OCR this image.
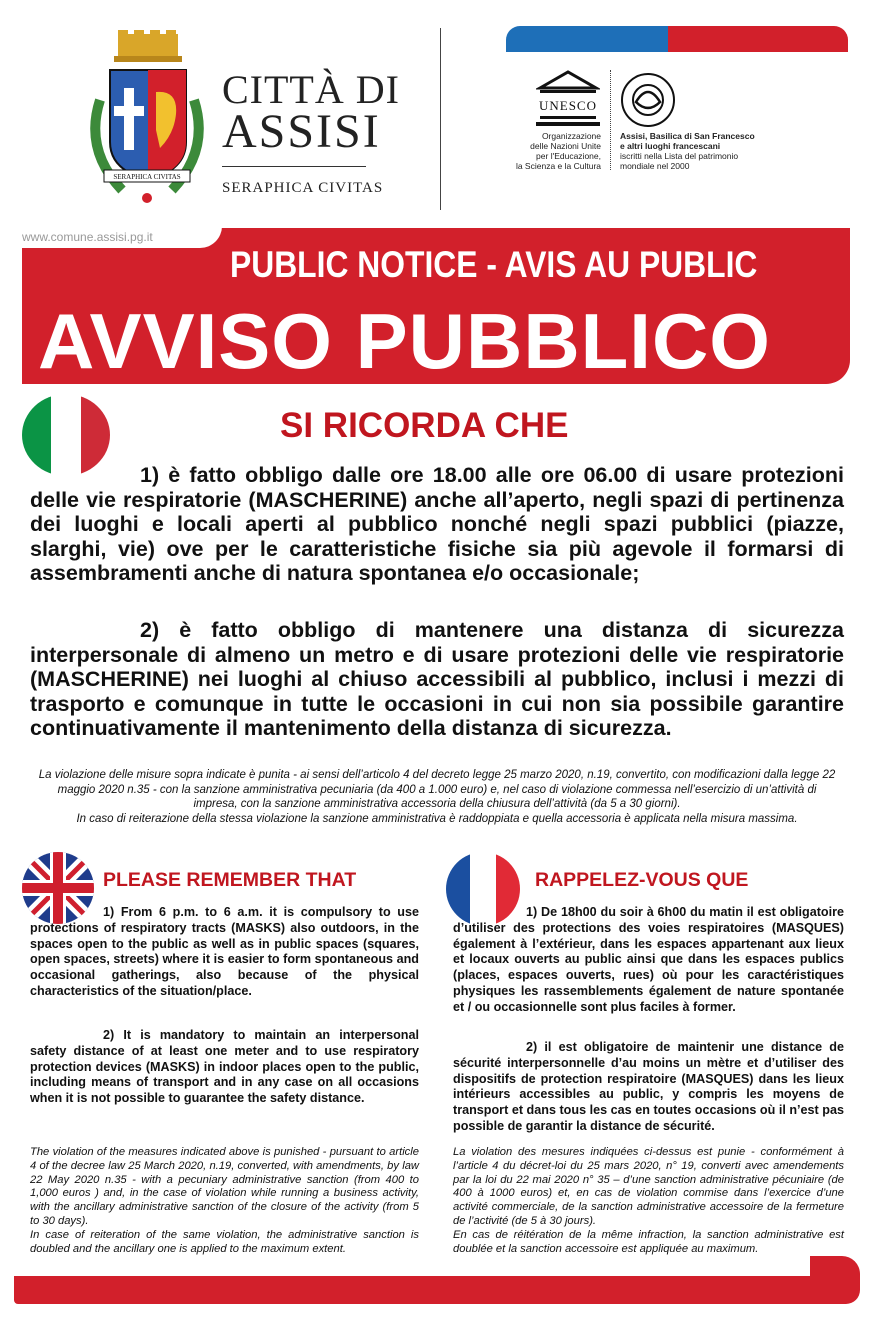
www.comune.assisi.pg.it
PUBLIC NOTICE - AVIS AU PUBLIC
AVVISO PUBBLICO
SERAPHICA CIVITAS
CITTÀ DI
ASSISI
SERAPHICA CIVITAS
UNESCO
Organizzazione
delle Nazioni Unite
per l'Educazione,
la Scienza e la Cultura
Assisi, Basilica di San Francesco
e altri luoghi francescani
iscritti nella Lista del patrimonio
mondiale nel 2000
SI RICORDA CHE

1) è fatto obbligo dalle ore 18.00 alle ore 06.00 di usare protezioni delle vie respiratorie (MASCHERINE) anche all’aperto, negli spazi di pertinenza dei luoghi e locali aperti al pubblico nonché negli spazi pubblici (piazze, slarghi, vie) ove per le caratteristiche fisiche sia più agevole il formarsi di assembramenti anche di natura spontanea e/o occasionale;

2) è fatto obbligo di mantenere una distanza di sicurezza interpersonale di almeno un metro e di usare protezioni delle vie respiratorie (MASCHERINE) nei luoghi al chiuso accessibili al pubblico, inclusi i mezzi di trasporto e comunque in tutte le occasioni in cui non sia possibile garantire continuativamente il mantenimento della distanza di sicurezza.

La violazione delle misure sopra indicate è punita - ai sensi dell’articolo 4 del decreto legge 25 marzo 2020, n.19, convertito, con modificazioni dalla legge 22 maggio 2020 n.35 - con la sanzione amministrativa pecuniaria (da 400 a 1.000 euro) e, nel caso di violazione commessa nell’esercizio di un’attività di impresa, con la sanzione amministrativa accessoria della chiusura dell’attività (da 5 a 30 giorni).
In caso di reiterazione della stessa violazione la sanzione amministrativa è raddoppiata e quella accessoria è applicata nella misura massima.
PLEASE REMEMBER THAT

1) From 6 p.m. to 6 a.m. it is compulsory to use protections of respiratory tracts (MASKS) also outdoors, in the spaces open to the public as well as in public spaces (squares, open spaces, streets) where it is easier to form spontaneous and occasional gatherings, also because of the physical characteristics of the situation/place.

2) It is mandatory to maintain an interpersonal safety distance of at least one meter and to use respiratory protection devices (MASKS) in indoor places open to the public, including means of transport and in any case on all occasions when it is not possible to guarantee the safety distance.

The violation of the measures indicated above is punished - pursuant to article 4 of the decree law 25 March 2020, n.19, converted, with amendments, by law 22 May 2020 n.35 - with a pecuniary administrative sanction (from 400 to 1,000 euros ) and, in the case of violation while running a business activity, with the ancillary administrative sanction of the closure of the activity (from 5 to 30 days).
In case of reiteration of the same violation, the administrative sanction is doubled and the ancillary one is applied to the maximum extent.
RAPPELEZ-VOUS QUE

1) De 18h00 du soir à 6h00 du matin il est obligatoire d’utiliser des protections des voies respiratoires (MASQUES) également à l’extérieur, dans les espaces appartenant aux lieux et locaux ouverts au public ainsi que dans les espaces publics (places, espaces ouverts, rues) où pour les caractéristiques physiques les rassemblements également de nature spontanée et / ou occasionnelle sont plus faciles à former.

2) il est obligatoire de maintenir une distance de sécurité interpersonnelle d’au moins un mètre et d’utiliser des dispositifs de protection respiratoire (MASQUES) dans les lieux intérieurs accessibles au public, y compris les moyens de transport et dans tous les cas en toutes occasions où il n’est pas possible de garantir la distance de sécurité.

La violation des mesures indiquées ci-dessus est punie - conformément à l’article 4 du décret-loi du 25 mars 2020, n° 19, converti avec amendements par la loi du 22 mai 2020 n° 35 – d’une sanction administrative pécuniaire (de 400 à 1000 euros) et, en cas de violation commise dans l’exercice d’une activité commerciale, de la sanction administrative accessoire de la fermeture de l’activité (de 5 à 30 jours).
En cas de réitération de la même infraction, la sanction administrative est doublée et la sanction accessoire est appliquée au maximum.
